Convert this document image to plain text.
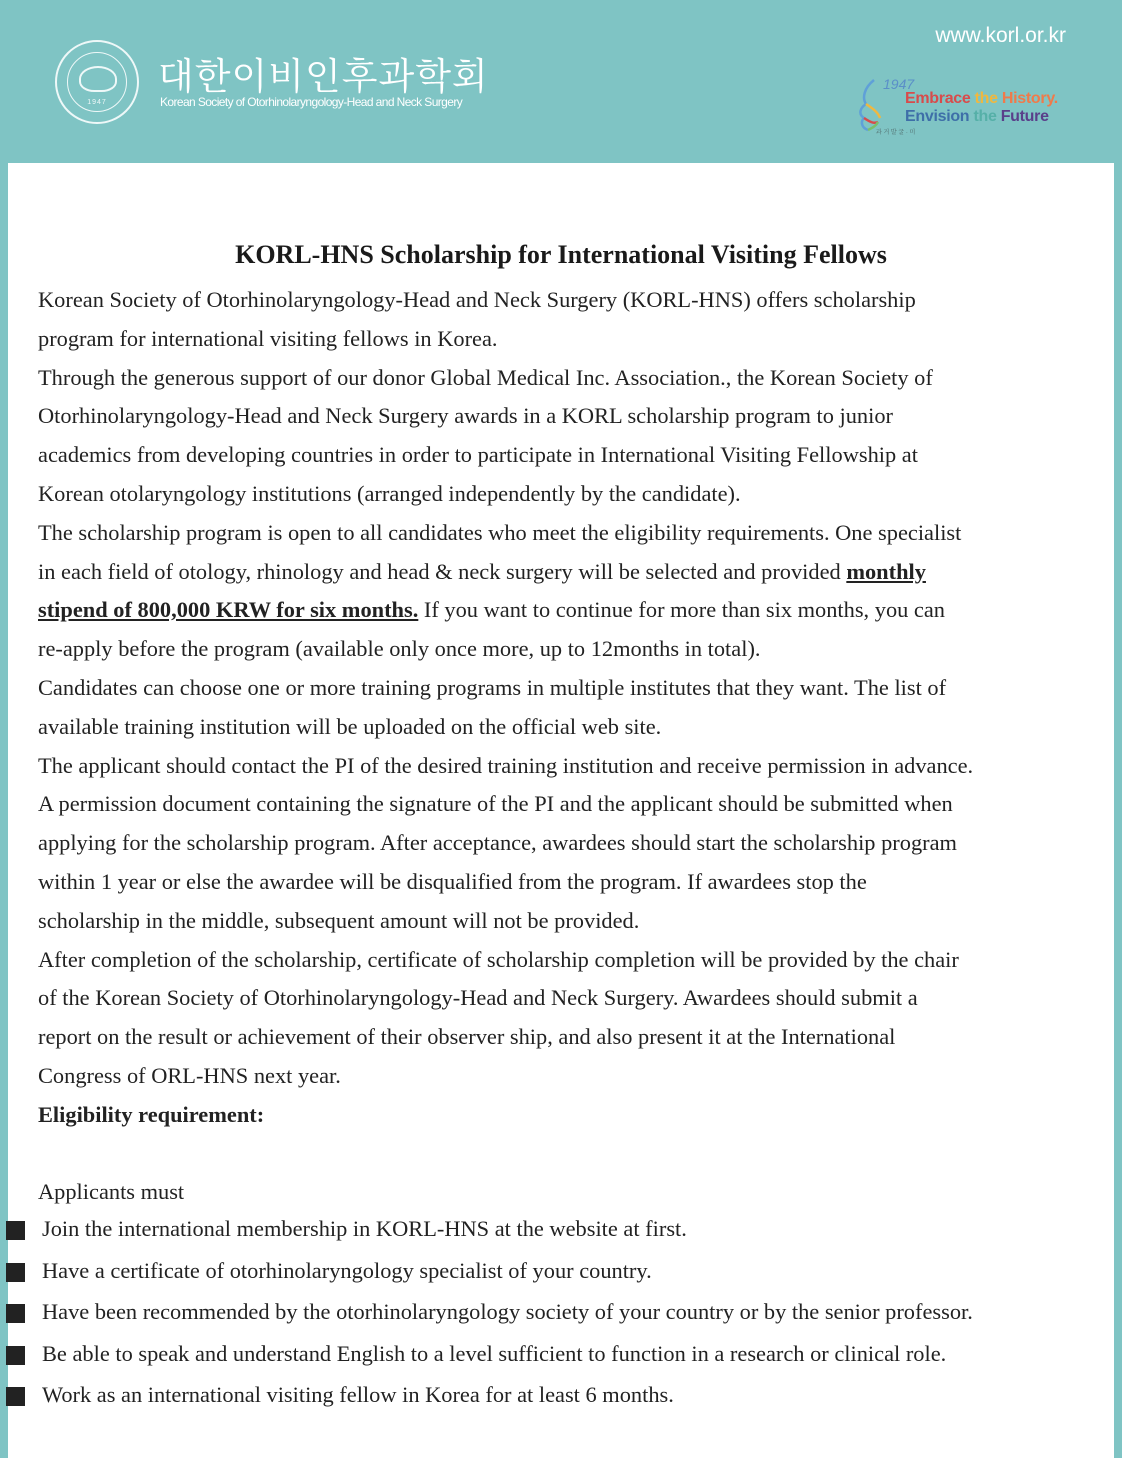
1947
대한이비인후과학회
Korean Society of Otorhinolaryngology-Head and Neck Surgery
www.korl.or.kr
1947
Embrace the History.
Envision the Future
과 거 발 굴 · 미
KORL-HNS Scholarship for International Visiting Fellows

Korean Society of Otorhinolaryngology-Head and Neck Surgery (KORL-HNS) offers scholarship

program for international visiting fellows in Korea.

Through the generous support of our donor Global Medical Inc. Association., the Korean Society of

Otorhinolaryngology-Head and Neck Surgery awards in a KORL scholarship program to junior

academics from developing countries in order to participate in International Visiting Fellowship at

Korean otolaryngology institutions (arranged independently by the candidate).

The scholarship program is open to all candidates who meet the eligibility requirements. One specialist

in each field of otology, rhinology and head & neck surgery will be selected and provided monthly

stipend of 800,000 KRW for six months. If you want to continue for more than six months, you can

re-apply before the program (available only once more, up to 12months in total).

Candidates can choose one or more training programs in multiple institutes that they want. The list of

available training institution will be uploaded on the official web site.

The applicant should contact the PI of the desired training institution and receive permission in advance.

A permission document containing the signature of the PI and the applicant should be submitted when

applying for the scholarship program. After acceptance, awardees should start the scholarship program

within 1 year or else the awardee will be disqualified from the program. If awardees stop the

scholarship in the middle, subsequent amount will not be provided.

After completion of the scholarship, certificate of scholarship completion will be provided by the chair

of the Korean Society of Otorhinolaryngology-Head and Neck Surgery. Awardees should submit a

report on the result or achievement of their observer ship, and also present it at the International

Congress of ORL-HNS next year.

Eligibility requirement:

Applicants must

Join the international membership in KORL-HNS at the website at first.
Have a certificate of otorhinolaryngology specialist of your country.
Have been recommended by the otorhinolaryngology society of your country or by the senior professor.
Be able to speak and understand English to a level sufficient to function in a research or clinical role.
Work as an international visiting fellow in Korea for at least 6 months.
